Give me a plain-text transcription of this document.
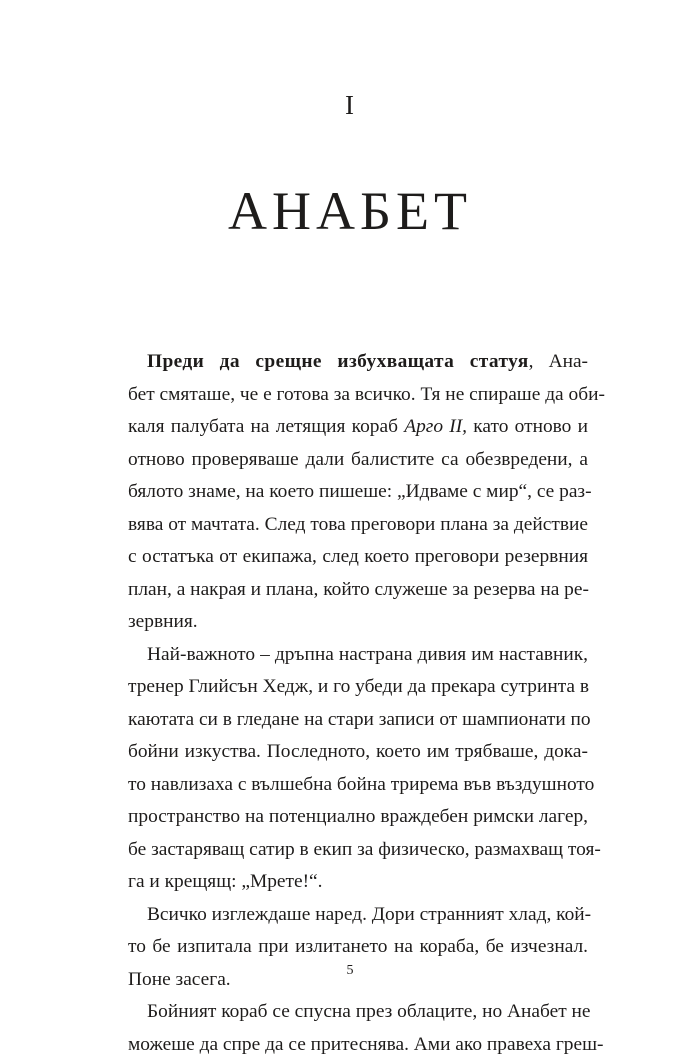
I
АНАБЕТ
Преди да срещне избухващата статуя, Ана-
бет смяташе, че е готова за всичко. Тя не спираше да оби-
каля палубата на летящия кораб Арго II, като отново и
отново проверяваше дали балистите са обезвредени, а
бялото знаме, на което пишеше: „Идваме с мир“, се раз-
вява от мачтата. След това преговори плана за действие
с остатъка от екипажа, след което преговори резервния
план, а накрая и плана, който служеше за резерва на ре-
зервния.
Най-важното – дръпна настрана дивия им наставник,
тренер Глийсън Хедж, и го убеди да прекара сутринта в
каютата си в гледане на стари записи от шампионати по
бойни изкуства. Последното, което им трябваше, дока-
то навлизаха с вълшебна бойна трирема във въздушното
пространство на потенциално враждебен римски лагер,
бе застаряващ сатир в екип за физическо, размахващ тоя-
га и крещящ: „Мрете!“.
Всичко изглеждаше наред. Дори странният хлад, кой-
то бе изпитала при излитането на кораба, бе изчезнал.
Поне засега.
Бойният кораб се спусна през облаците, но Анабет не
можеше да спре да се притеснява. Ами ако правеха греш-
5
